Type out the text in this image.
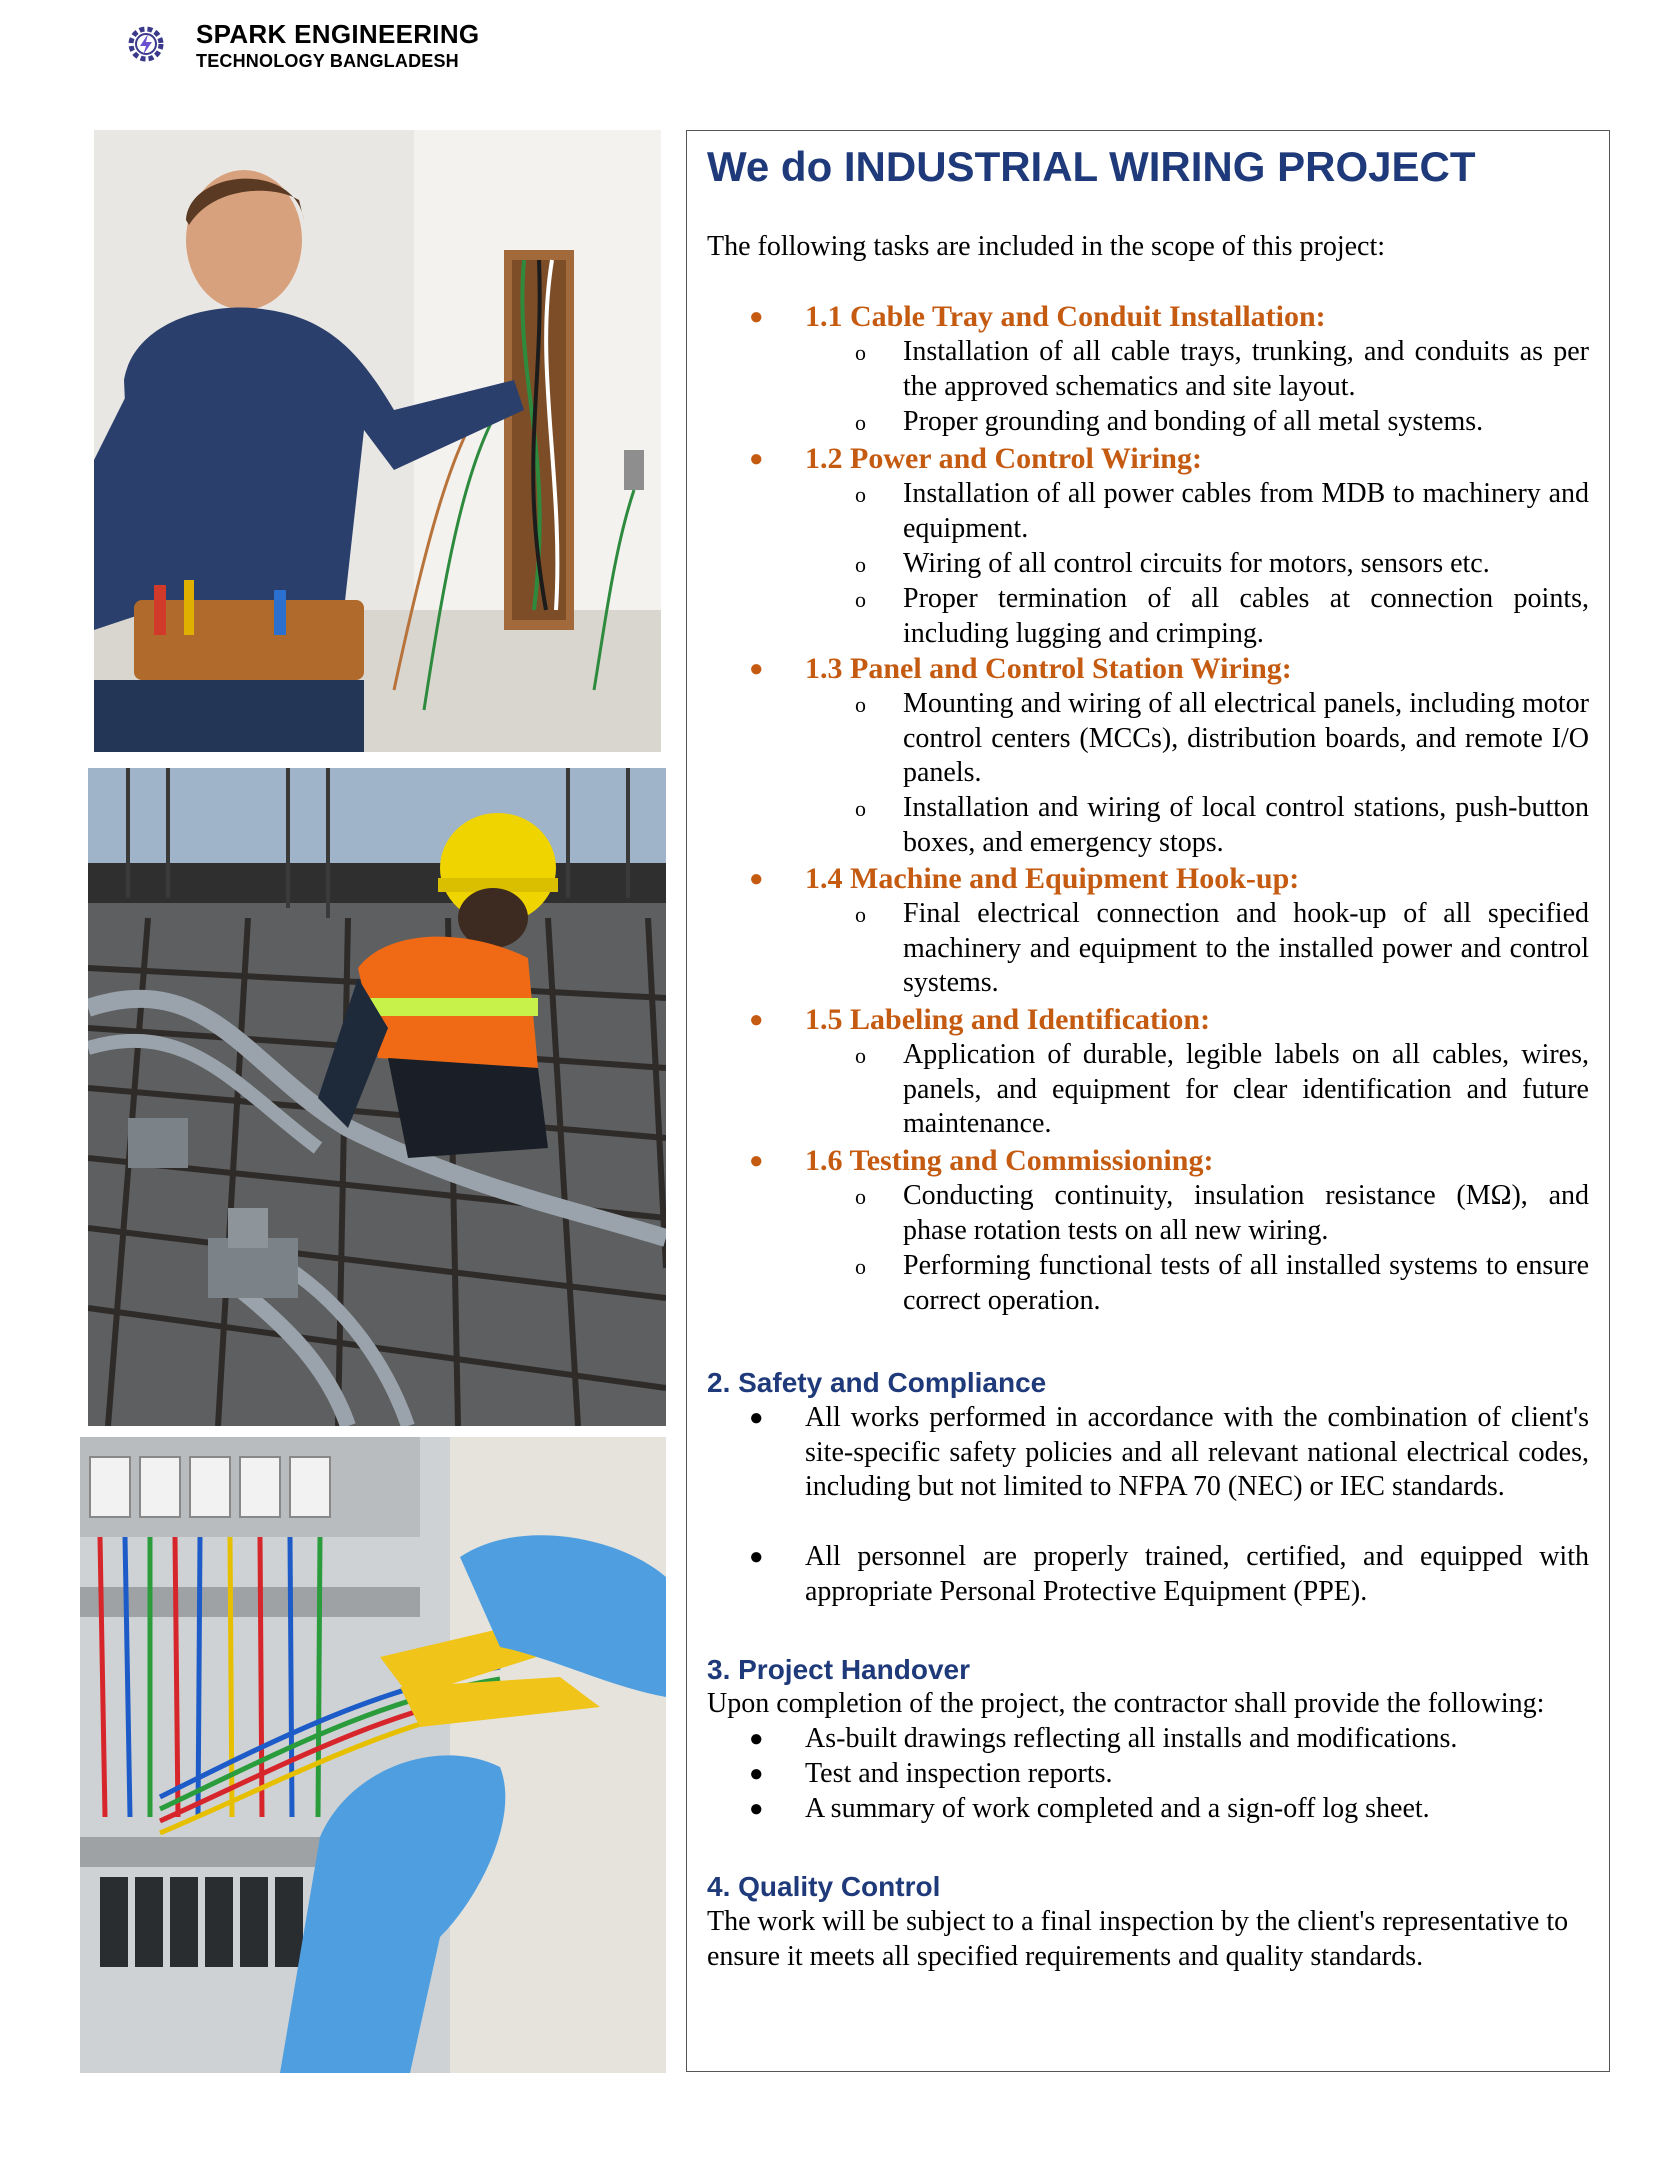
SPARK ENGINEERING
TECHNOLOGY BANGLADESH
We do INDUSTRIAL WIRING PROJECT
The following tasks are included in the scope of this project:
● 1.1 Cable Tray and Conduit Installation:
o Installation of all cable trays, trunking, and conduits as per the approved schematics and site layout.
o Proper grounding and bonding of all metal systems.
● 1.2 Power and Control Wiring:
o Installation of all power cables from MDB to machinery and equipment.
o Wiring of all control circuits for motors, sensors etc.
o Proper termination of all cables at connection points, including lugging and crimping.
● 1.3 Panel and Control Station Wiring:
o Mounting and wiring of all electrical panels, including motor control centers (MCCs), distribution boards, and remote I/O panels.
o Installation and wiring of local control stations, push-button boxes, and emergency stops.
● 1.4 Machine and Equipment Hook-up:
o Final electrical connection and hook-up of all specified machinery and equipment to the installed power and control systems.
● 1.5 Labeling and Identification:
o Application of durable, legible labels on all cables, wires, panels, and equipment for clear identification and future maintenance.
● 1.6 Testing and Commissioning:
o Conducting continuity, insulation resistance (MΩ), and phase rotation tests on all new wiring.
o Performing functional tests of all installed systems to ensure correct operation.
2. Safety and Compliance
● All works performed in accordance with the combination of client's site-specific safety policies and all relevant national electrical codes, including but not limited to NFPA 70 (NEC) or IEC standards.
● All personnel are properly trained, certified, and equipped with appropriate Personal Protective Equipment (PPE).
3. Project Handover
Upon completion of the project, the contractor shall provide the following:
● As-built drawings reflecting all installs and modifications.
● Test and inspection reports.
● A summary of work completed and a sign-off log sheet.
4. Quality Control
The work will be subject to a final inspection by the client's representative to ensure it meets all specified requirements and quality standards.
